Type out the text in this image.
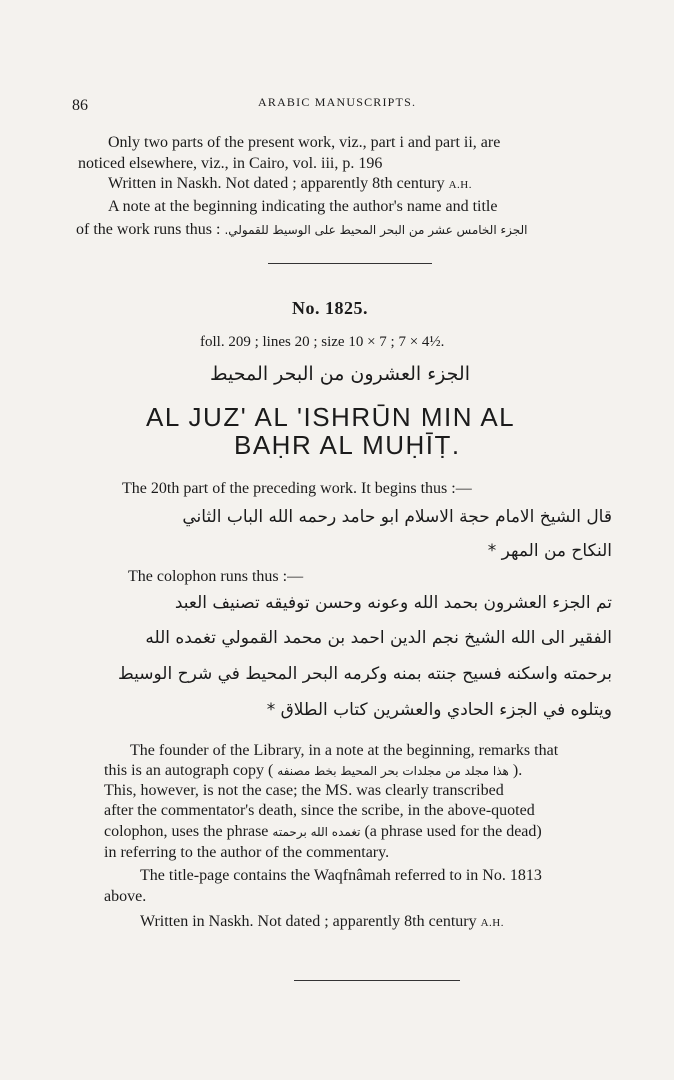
86	ARABIC MANUSCRIPTS.
Only two parts of the present work, viz., part i and part ii, are
noticed elsewhere, viz., in Cairo, vol. iii, p. 196
Written in Naskh. Not dated ; apparently 8th century A.H.
A note at the beginning indicating the author's name and title
of the work runs thus : الجزء الخامس عشر من البحر المحيط على الوسيط للقمولي.
No. 1825.
foll. 209 ; lines 20 ; size 10 × 7 ; 7 × 4½.
الجزء العشرون من البحر المحيط
AL JUZ' AL 'ISHRŪN MIN AL
BAḤR AL MUḤĪṬ.
The 20th part of the preceding work. It begins thus :—
قال الشيخ الامام حجة الاسلام ابو حامد رحمه الله الباب الثاني
النكاح من المهر *
The colophon runs thus :—
تم الجزء العشرون بحمد الله وعونه وحسن توفيقه تصنيف العبد
الفقير الى الله الشيخ نجم الدين احمد بن محمد القمولي تغمده الله
برحمته واسكنه فسيح جنته بمنه وكرمه البحر المحيط في شرح الوسيط
ويتلوه في الجزء الحادي والعشرين كتاب الطلاق *
The founder of the Library, in a note at the beginning, remarks that
this is an autograph copy ( هذا مجلد من مجلدات بحر المحيط بخط مصنفه ).
This, however, is not the case; the MS. was clearly transcribed
after the commentator's death, since the scribe, in the above-quoted
colophon, uses the phrase تغمده الله برحمته (a phrase used for the dead)
in referring to the author of the commentary.
The title-page contains the Waqfnâmah referred to in No. 1813
above.
Written in Naskh. Not dated ; apparently 8th century A.H.
